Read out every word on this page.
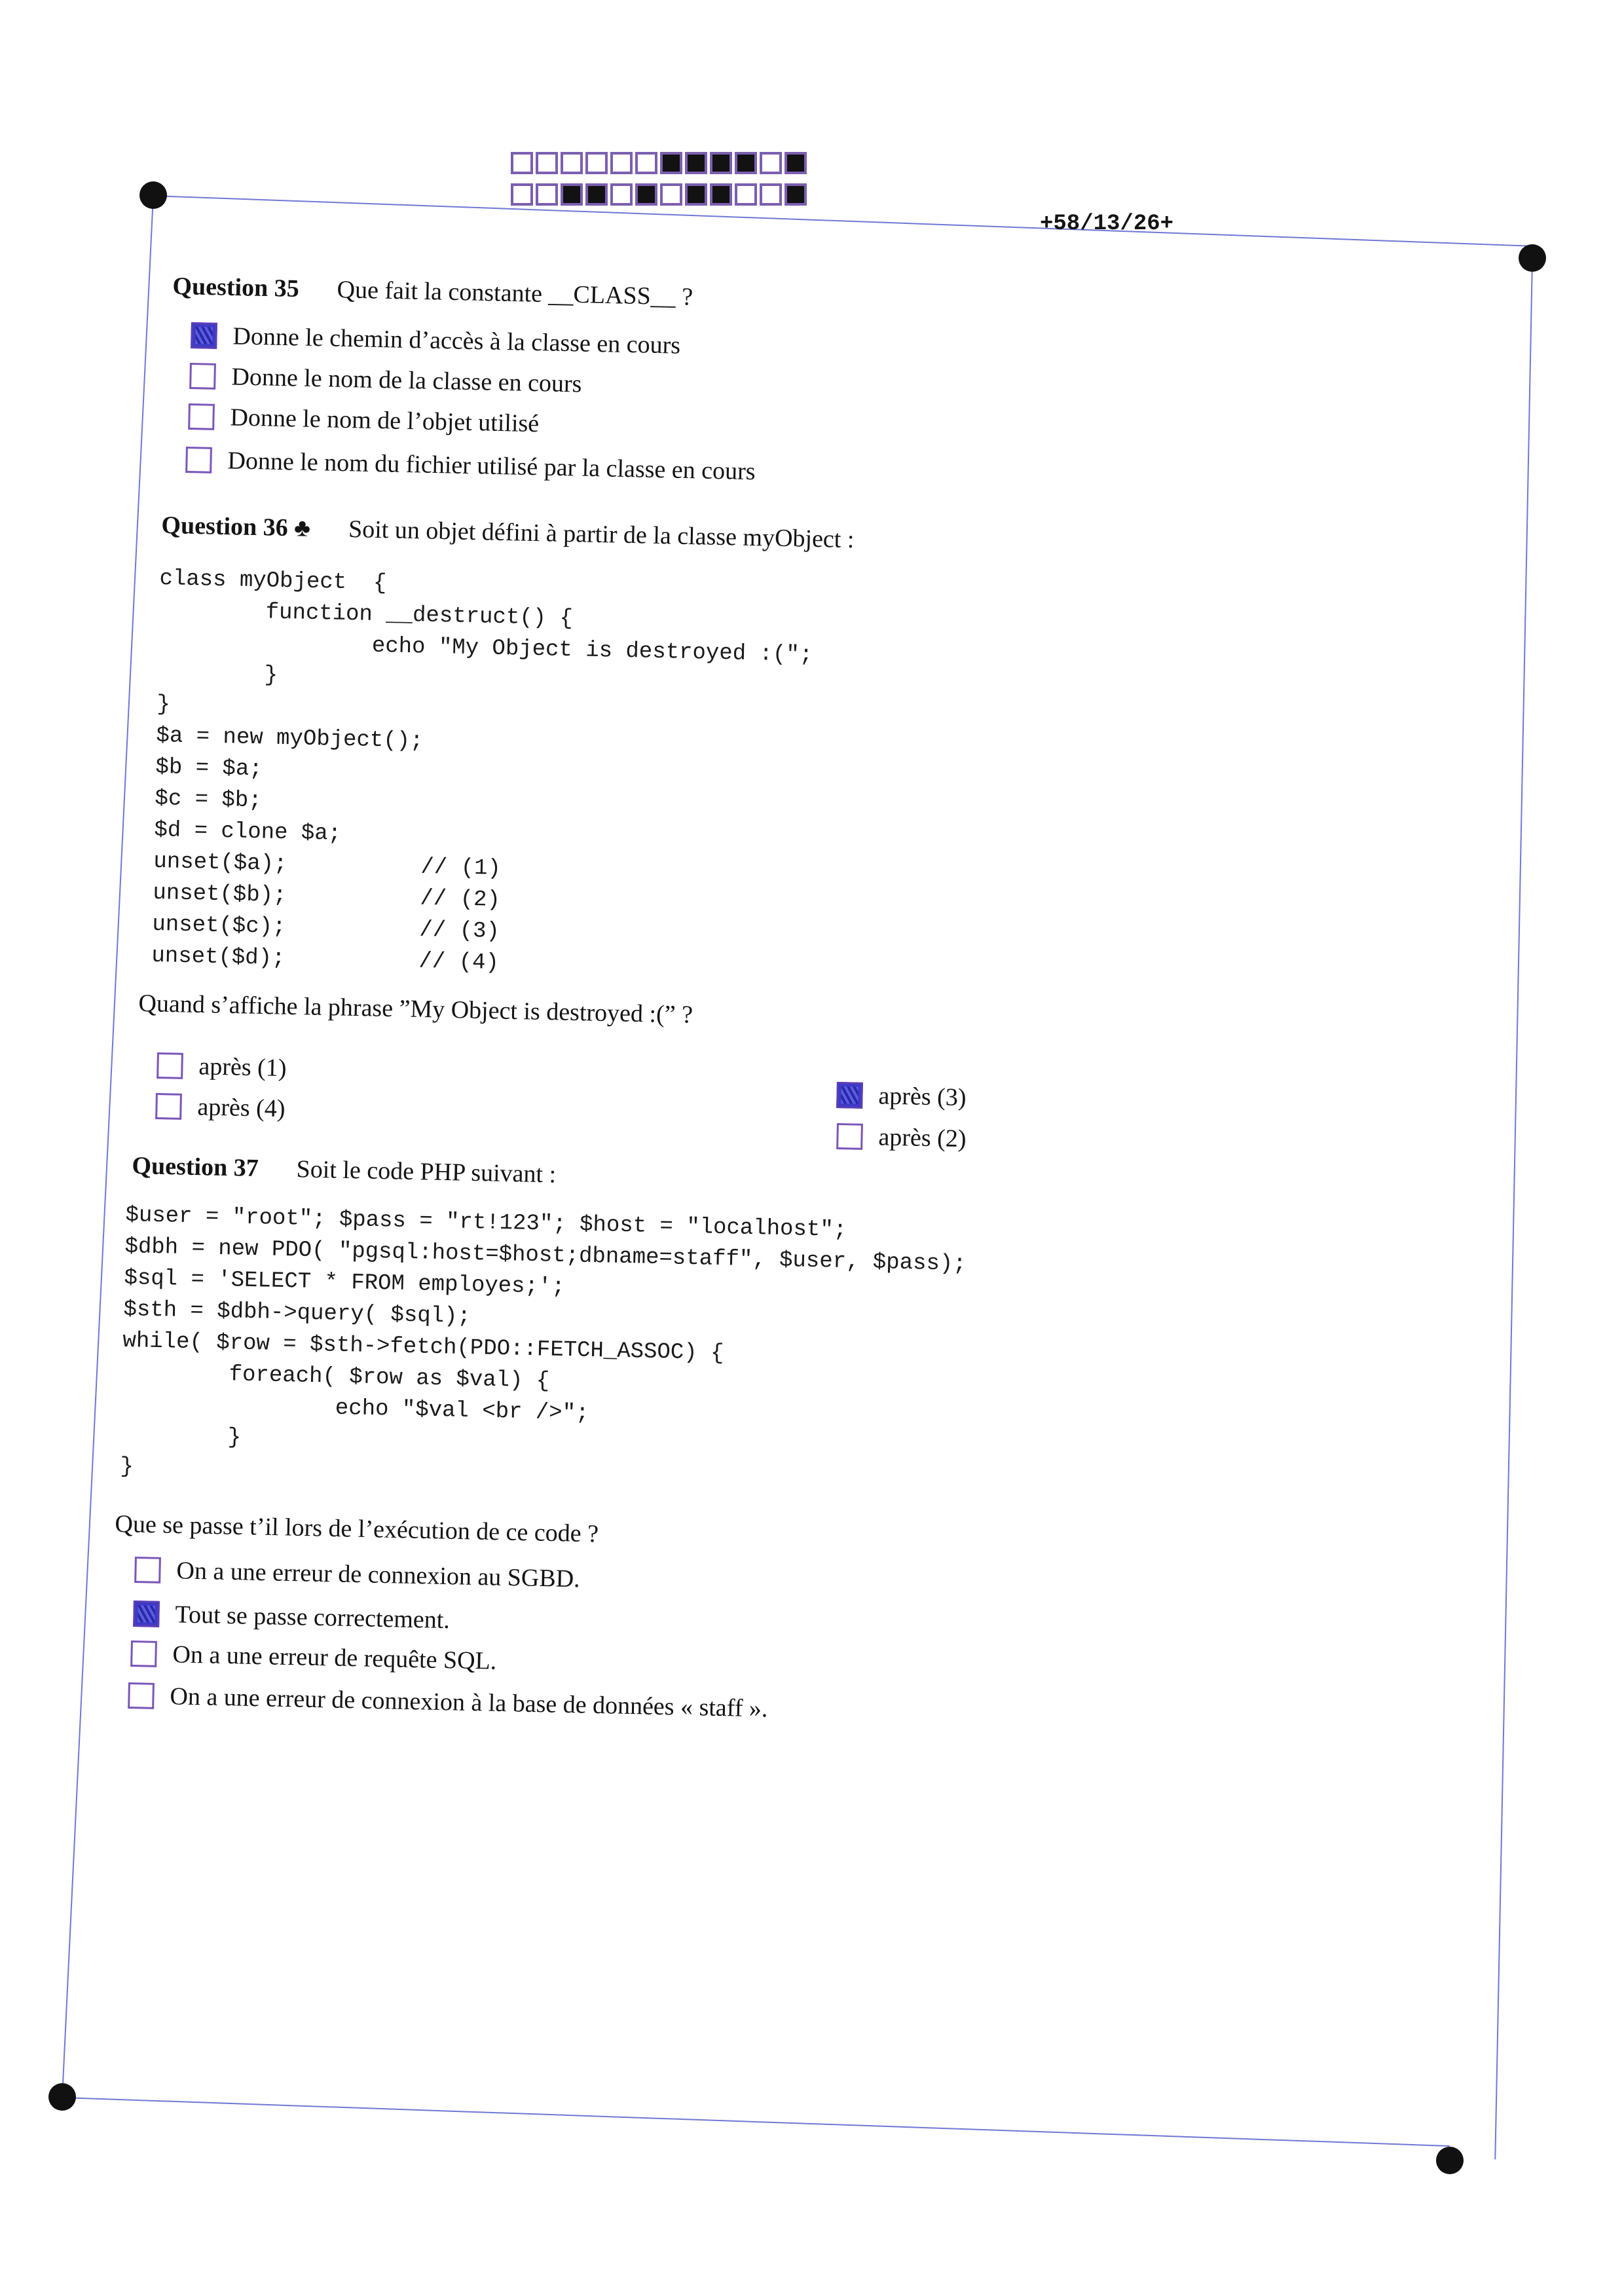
+58/13/26+
Question 35 Que fait la constante __CLASS__ ?
Donne le chemin d’accès à la classe en cours
Donne le nom de la classe en cours
Donne le nom de l’objet utilisé
Donne le nom du fichier utilisé par la classe en cours
Question 36 ♣ Soit un objet défini à partir de la classe myObject :
class myObject  {
function __destruct() {
echo "My Object is destroyed :(";
}
}
$a = new myObject();
$b = $a;
$c = $b;
$d = clone $a;
unset($a);          // (1)
unset($b);          // (2)
unset($c);          // (3)
unset($d);          // (4)
Quand s’affiche la phrase ”My Object is destroyed :(” ?
après (1)
après (4)	après (3)
après (2)
Question 37 Soit le code PHP suivant :
$user = "root"; $pass = "rt!123"; $host = "localhost";
$dbh = new PDO( "pgsql:host=$host;dbname=staff", $user, $pass);
$sql = 'SELECT * FROM employes;';
$sth = $dbh->query( $sql);
while( $row = $sth->fetch(PDO::FETCH_ASSOC) {
foreach( $row as $val) {
echo "$val <br />";
}
}
Que se passe t’il lors de l’exécution de ce code ?
On a une erreur de connexion au SGBD.
Tout se passe correctement.
On a une erreur de requête SQL.
On a une erreur de connexion à la base de données « staff ».
